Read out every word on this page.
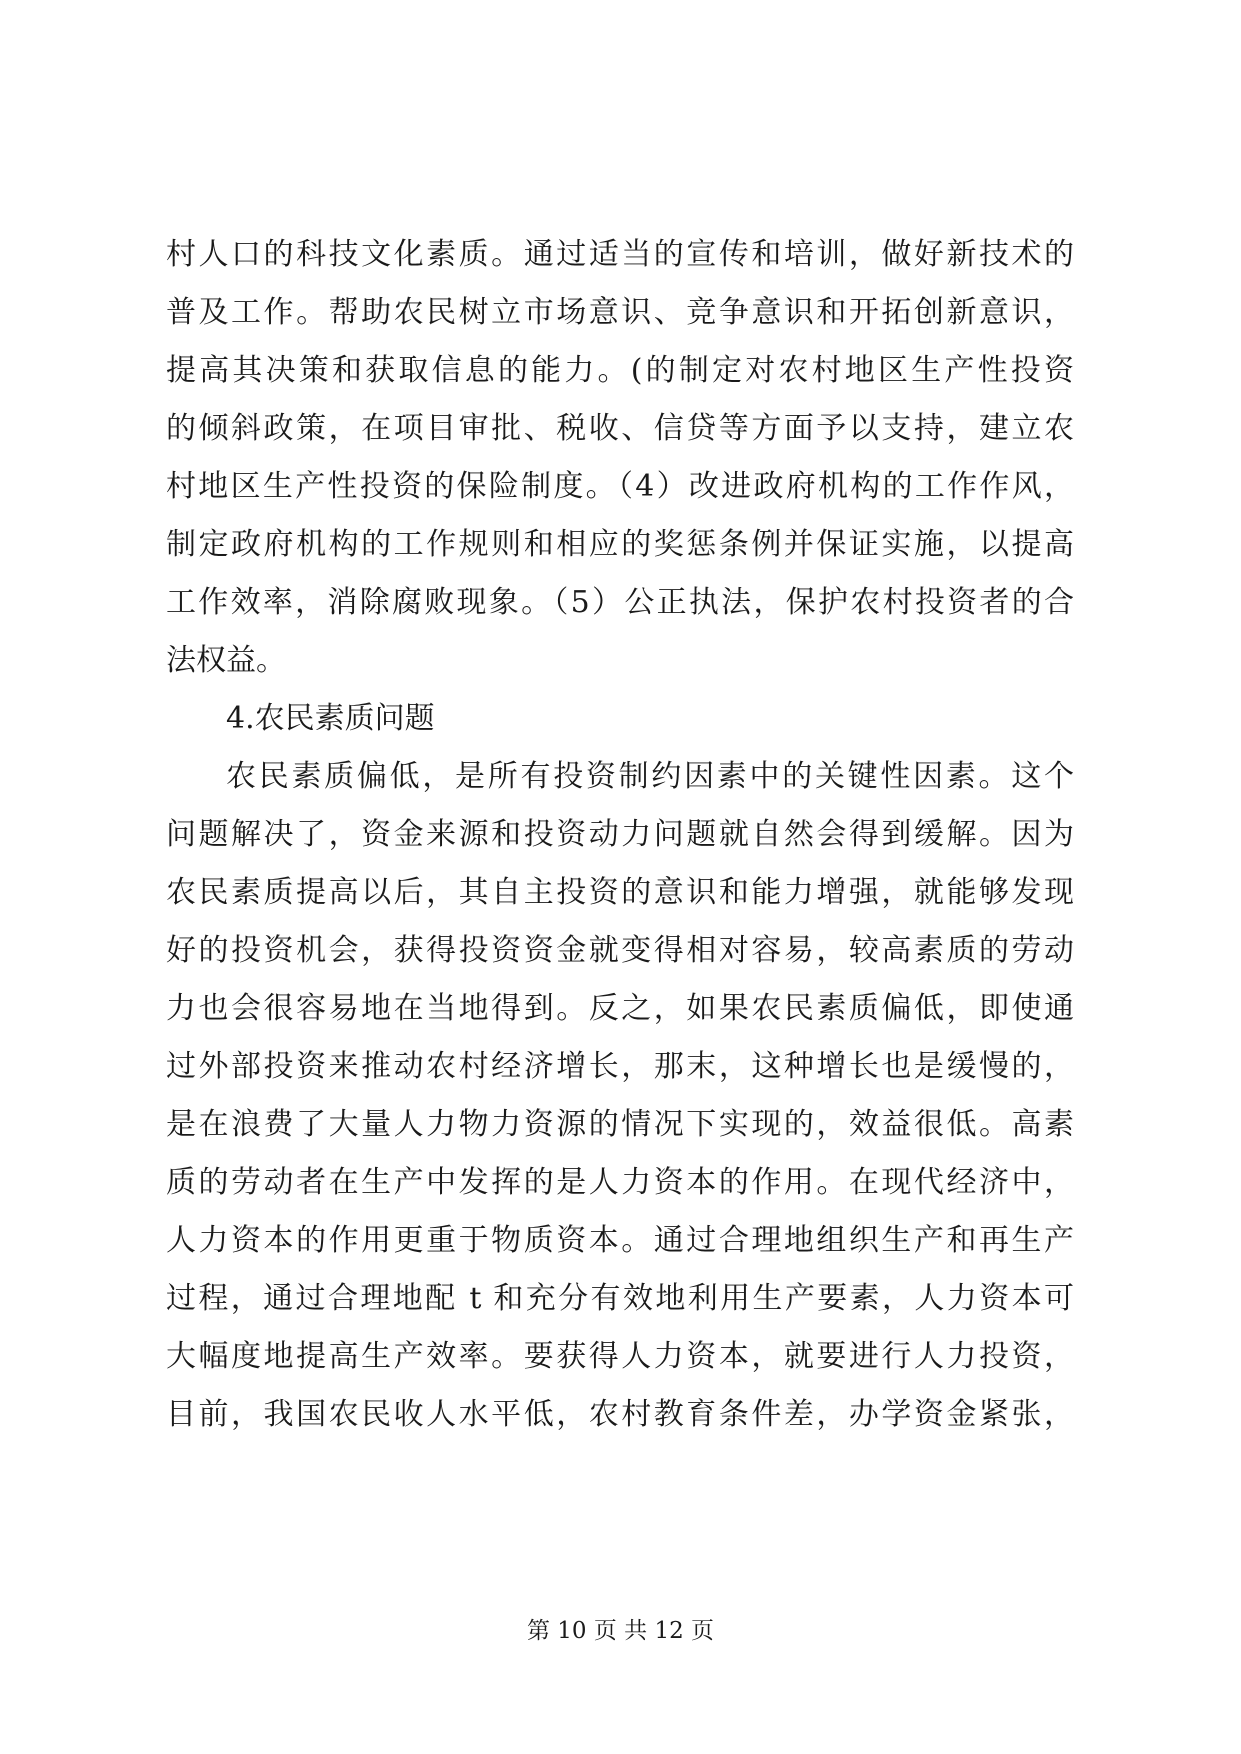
村人口的科技文化素质。通过适当的宣传和培训，做好新技术的
普及工作。帮助农民树立市场意识、竞争意识和开拓创新意识，
提高其决策和获取信息的能力。(的制定对农村地区生产性投资
的倾斜政策，在项目审批、税收、信贷等方面予以支持，建立农
村地区生产性投资的保险制度。（4）改进政府机构的工作作风，
制定政府机构的工作规则和相应的奖惩条例并保证实施，以提高
工作效率，消除腐败现象。（5）公正执法，保护农村投资者的合
法权益。
4.农民素质问题
农民素质偏低，是所有投资制约因素中的关键性因素。这个
问题解决了，资金来源和投资动力问题就自然会得到缓解。因为
农民素质提高以后，其自主投资的意识和能力增强，就能够发现
好的投资机会，获得投资资金就变得相对容易，较高素质的劳动
力也会很容易地在当地得到。反之，如果农民素质偏低，即使通
过外部投资来推动农村经济增长，那末，这种增长也是缓慢的，
是在浪费了大量人力物力资源的情况下实现的，效益很低。高素
质的劳动者在生产中发挥的是人力资本的作用。在现代经济中，
人力资本的作用更重于物质资本。通过合理地组织生产和再生产
过程，通过合理地配 t 和充分有效地利用生产要素，人力资本可
大幅度地提高生产效率。要获得人力资本，就要进行人力投资，
目前，我国农民收人水平低，农村教育条件差，办学资金紧张，
第 10 页 共 12 页
